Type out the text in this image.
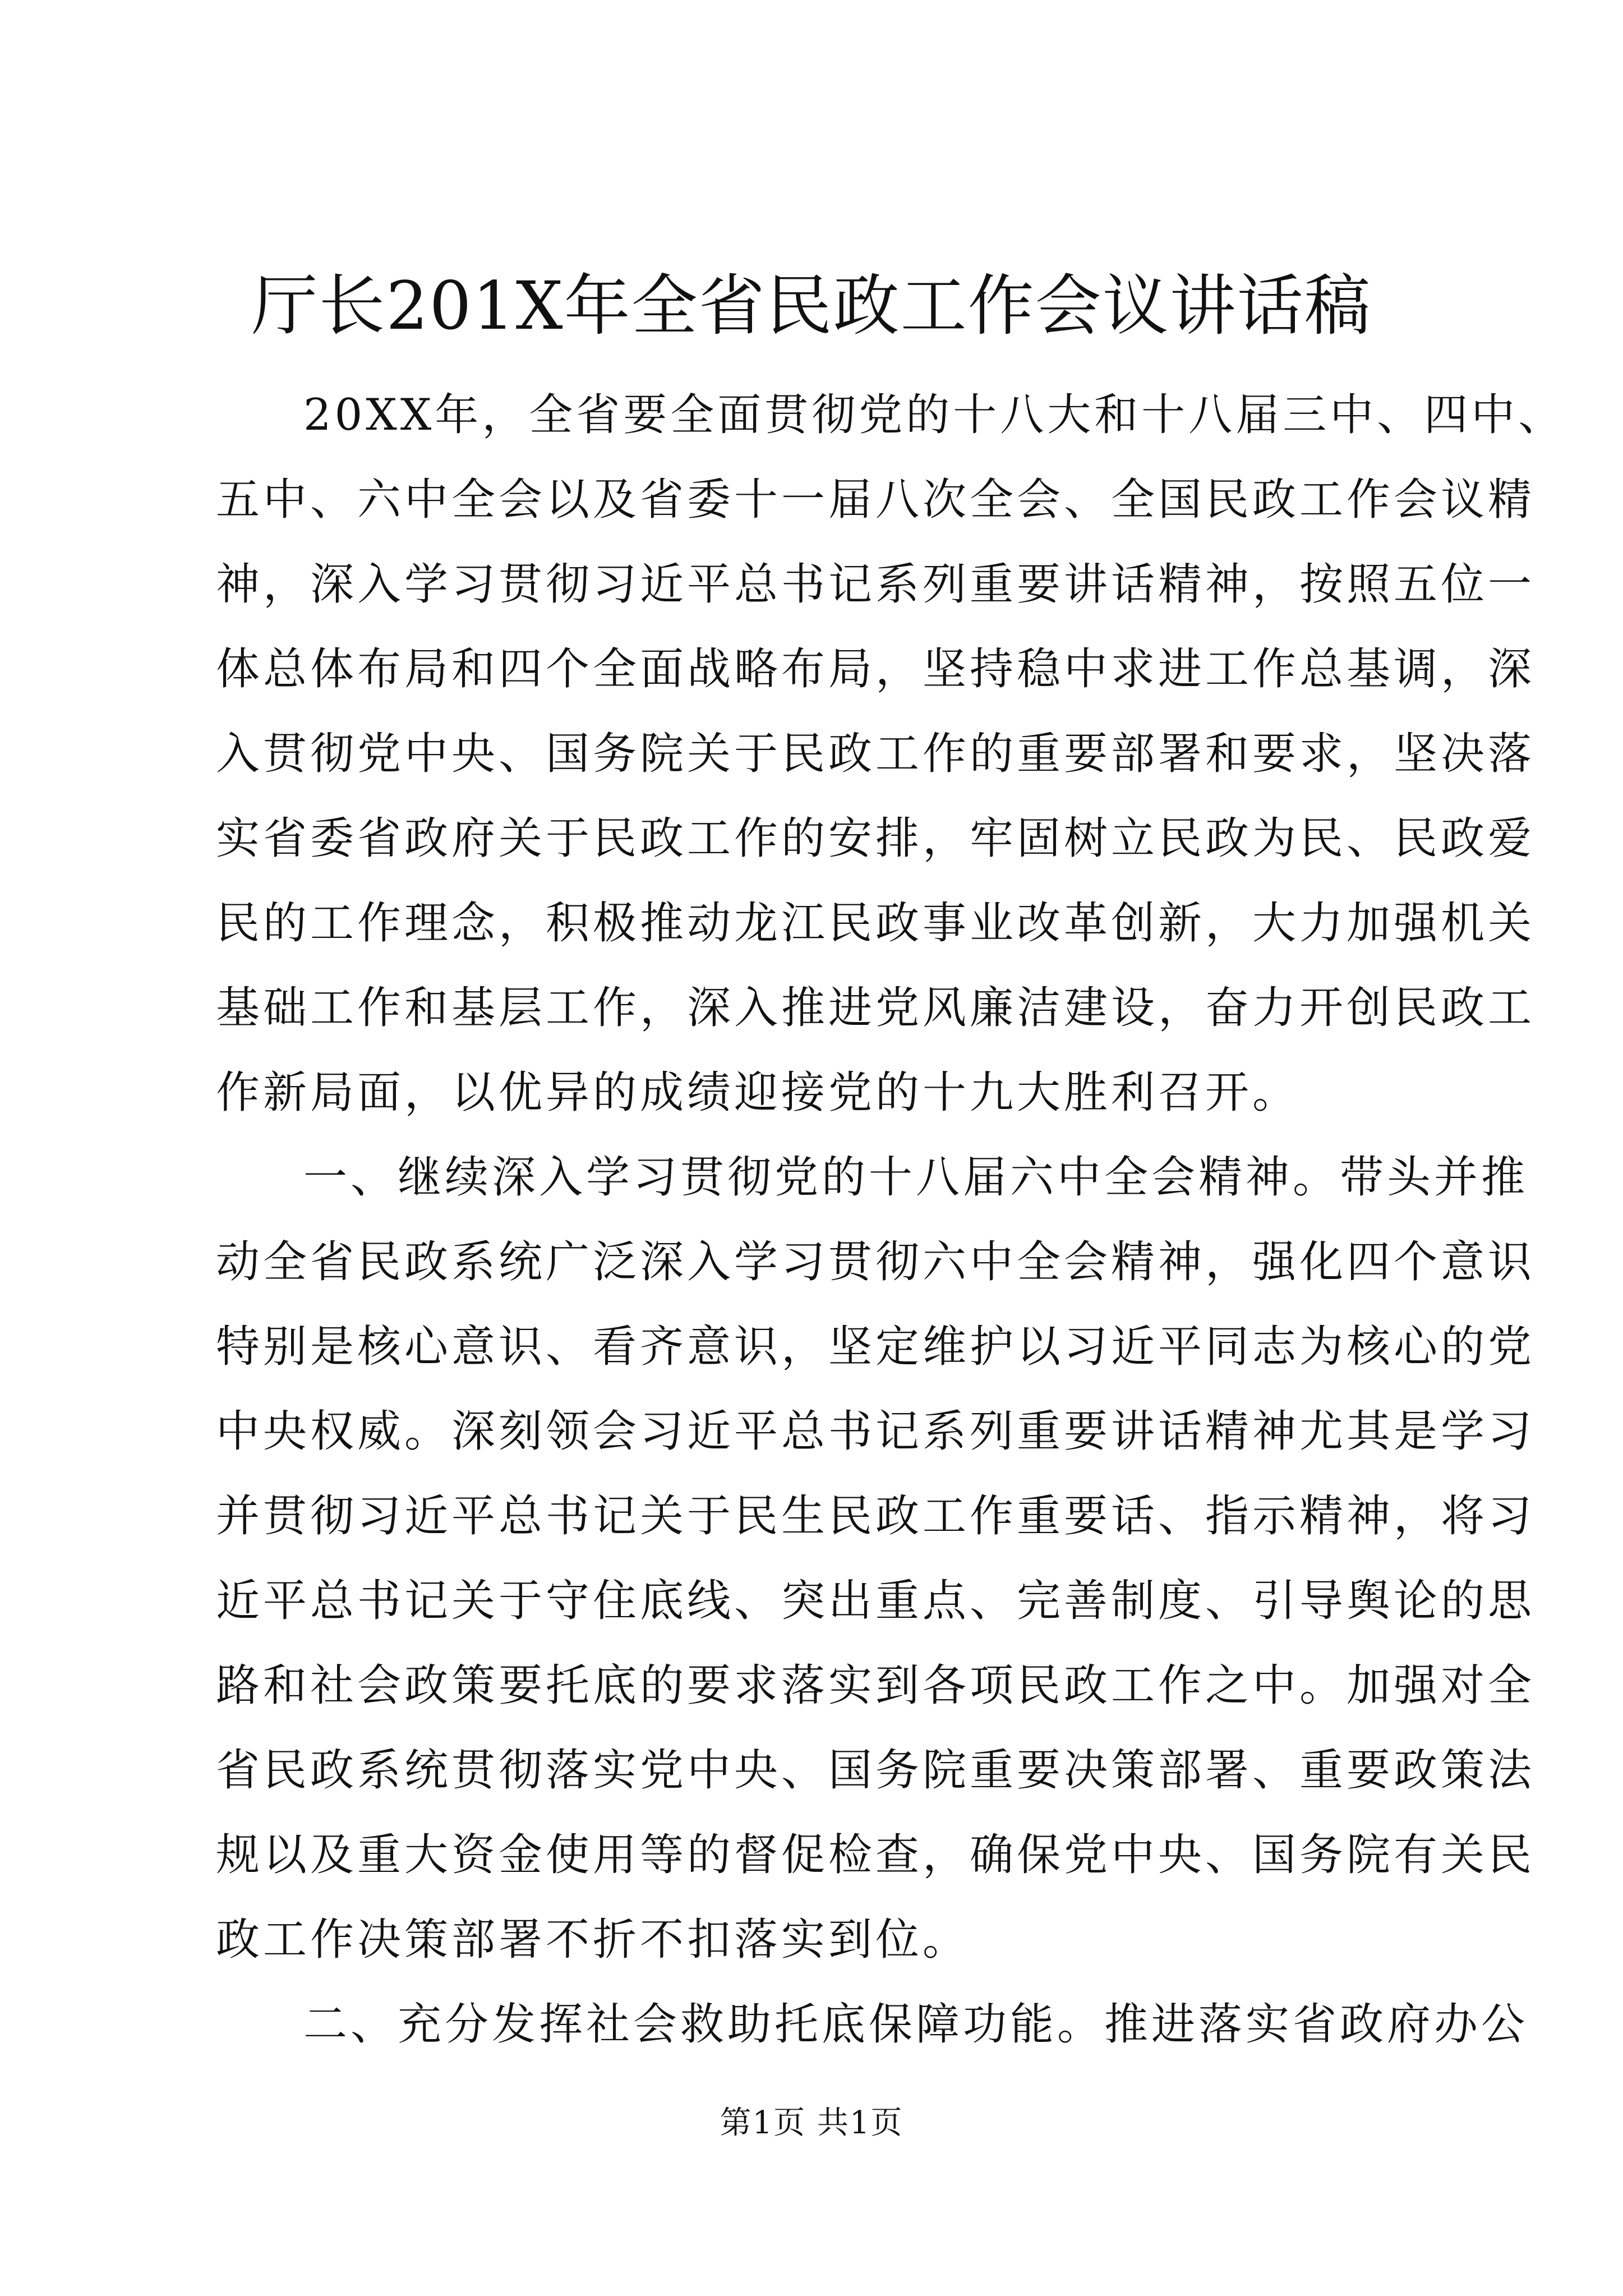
厅长201X年全省民政工作会议讲话稿
20XX年，全省要全面贯彻党的十八大和十八届三中、四中、
五中、六中全会以及省委十一届八次全会、全国民政工作会议精
神，深入学习贯彻习近平总书记系列重要讲话精神，按照五位一
体总体布局和四个全面战略布局，坚持稳中求进工作总基调，深
入贯彻党中央、国务院关于民政工作的重要部署和要求，坚决落
实省委省政府关于民政工作的安排，牢固树立民政为民、民政爱
民的工作理念，积极推动龙江民政事业改革创新，大力加强机关
基础工作和基层工作，深入推进党风廉洁建设，奋力开创民政工
作新局面，以优异的成绩迎接党的十九大胜利召开。
一、继续深入学习贯彻党的十八届六中全会精神。带头并推
动全省民政系统广泛深入学习贯彻六中全会精神，强化四个意识
特别是核心意识、看齐意识，坚定维护以习近平同志为核心的党
中央权威。深刻领会习近平总书记系列重要讲话精神尤其是学习
并贯彻习近平总书记关于民生民政工作重要话、指示精神，将习
近平总书记关于守住底线、突出重点、完善制度、引导舆论的思
路和社会政策要托底的要求落实到各项民政工作之中。加强对全
省民政系统贯彻落实党中央、国务院重要决策部署、重要政策法
规以及重大资金使用等的督促检查，确保党中央、国务院有关民
政工作决策部署不折不扣落实到位。
二、充分发挥社会救助托底保障功能。推进落实省政府办公
第1页 共1页
